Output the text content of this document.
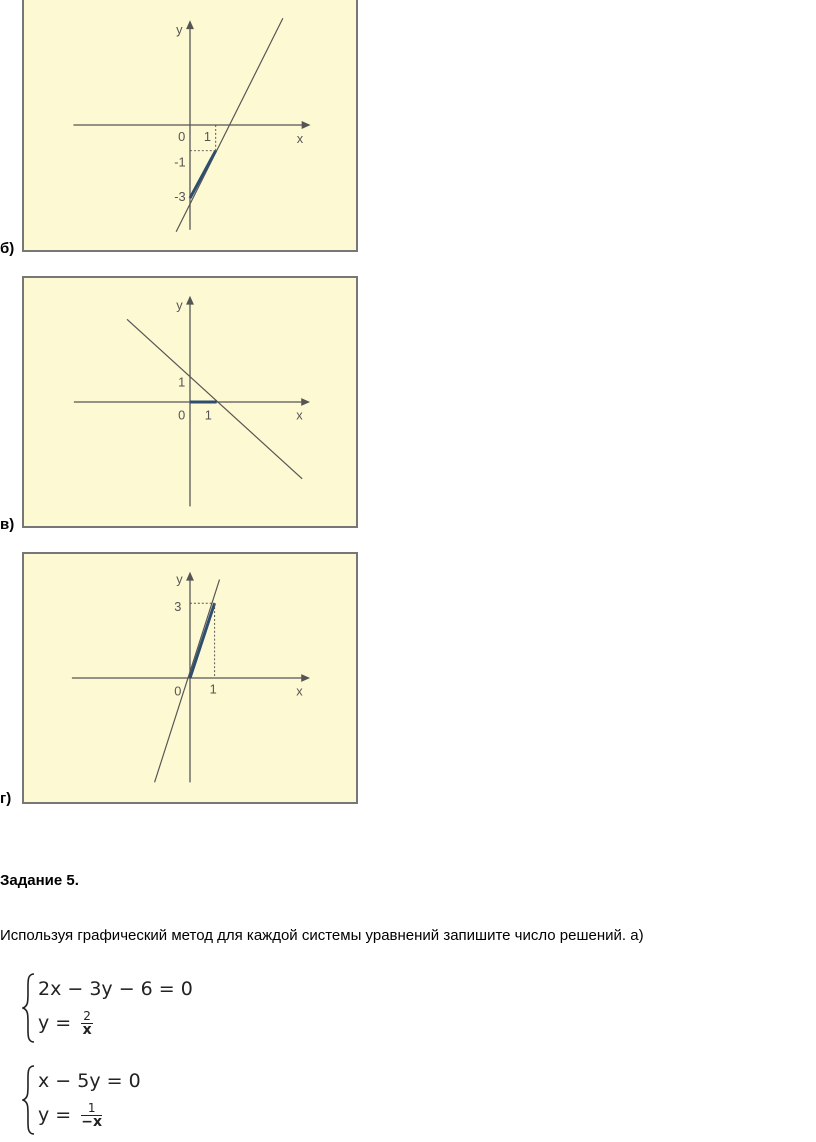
y
x
0 1
-1
-3
б)
y
x
1
0 1
в)
y
x
3
0 1
г)
Задание 5.
Используя графический метод для каждой системы уравнений запишите число решений. а)
2x − 3y − 6 = 0
$y = \frac{2}{x}$
x − 5y = 0
$y = \frac{1}{-x}$
